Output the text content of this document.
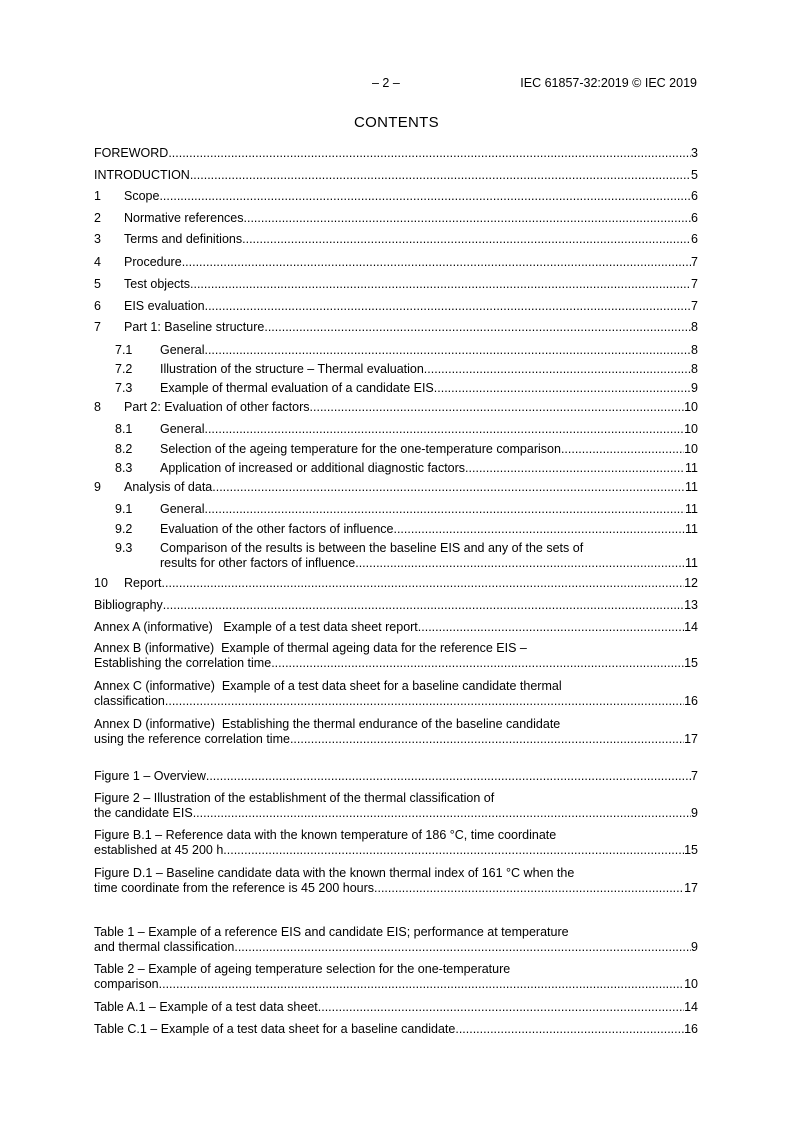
– 2 –	IEC 61857-32:2019 © IEC 2019
CONTENTS
FOREWORD .....	3
INTRODUCTION .....	5
1 Scope .....	6
2 Normative references .....	6
3 Terms and definitions .....	6
4 Procedure .....	7
5 Test objects .....	7
6 EIS evaluation .....	7
7 Part 1: Baseline structure .....	8
7.1 General .....	8
7.2 Illustration of the structure – Thermal evaluation .....	8
7.3 Example of thermal evaluation of a candidate EIS .....	9
8 Part 2: Evaluation of other factors .....	10
8.1 General .....	10
8.2 Selection of the ageing temperature for the one-temperature comparison .....	10
8.3 Application of increased or additional diagnostic factors .....	11
9 Analysis of data .....	11
9.1 General .....	11
9.2 Evaluation of the other factors of influence .....	11
9.3	Comparison of the results is between the baseline EIS and any of the sets of
results for other factors of influence .....	11
10 Report .....	12
Bibliography .....	13
Annex A (informative)   Example of a test data sheet report .....	14
Annex B (informative)  Example of thermal ageing data for the reference EIS –
Establishing the correlation time .....	15
Annex C (informative)  Example of a test data sheet for a baseline candidate thermal
classification .....	16
Annex D (informative)  Establishing the thermal endurance of the baseline candidate
using the reference correlation time .....	17
Figure 1 – Overview .....	7
Figure 2 – Illustration of the establishment of the thermal classification of
the candidate EIS .....	9
Figure B.1 – Reference data with the known temperature of 186 °C, time coordinate
established at 45 200 h .....	15
Figure D.1 – Baseline candidate data with the known thermal index of 161 °C when the
time coordinate from the reference is 45 200 hours .....	17
Table 1 – Example of a reference EIS and candidate EIS; performance at temperature
and thermal classification .....	9
Table 2 – Example of ageing temperature selection for the one-temperature
comparison .....	10
Table A.1 – Example of a test data sheet .....	14
Table C.1 – Example of a test data sheet for a baseline candidate .....	16
